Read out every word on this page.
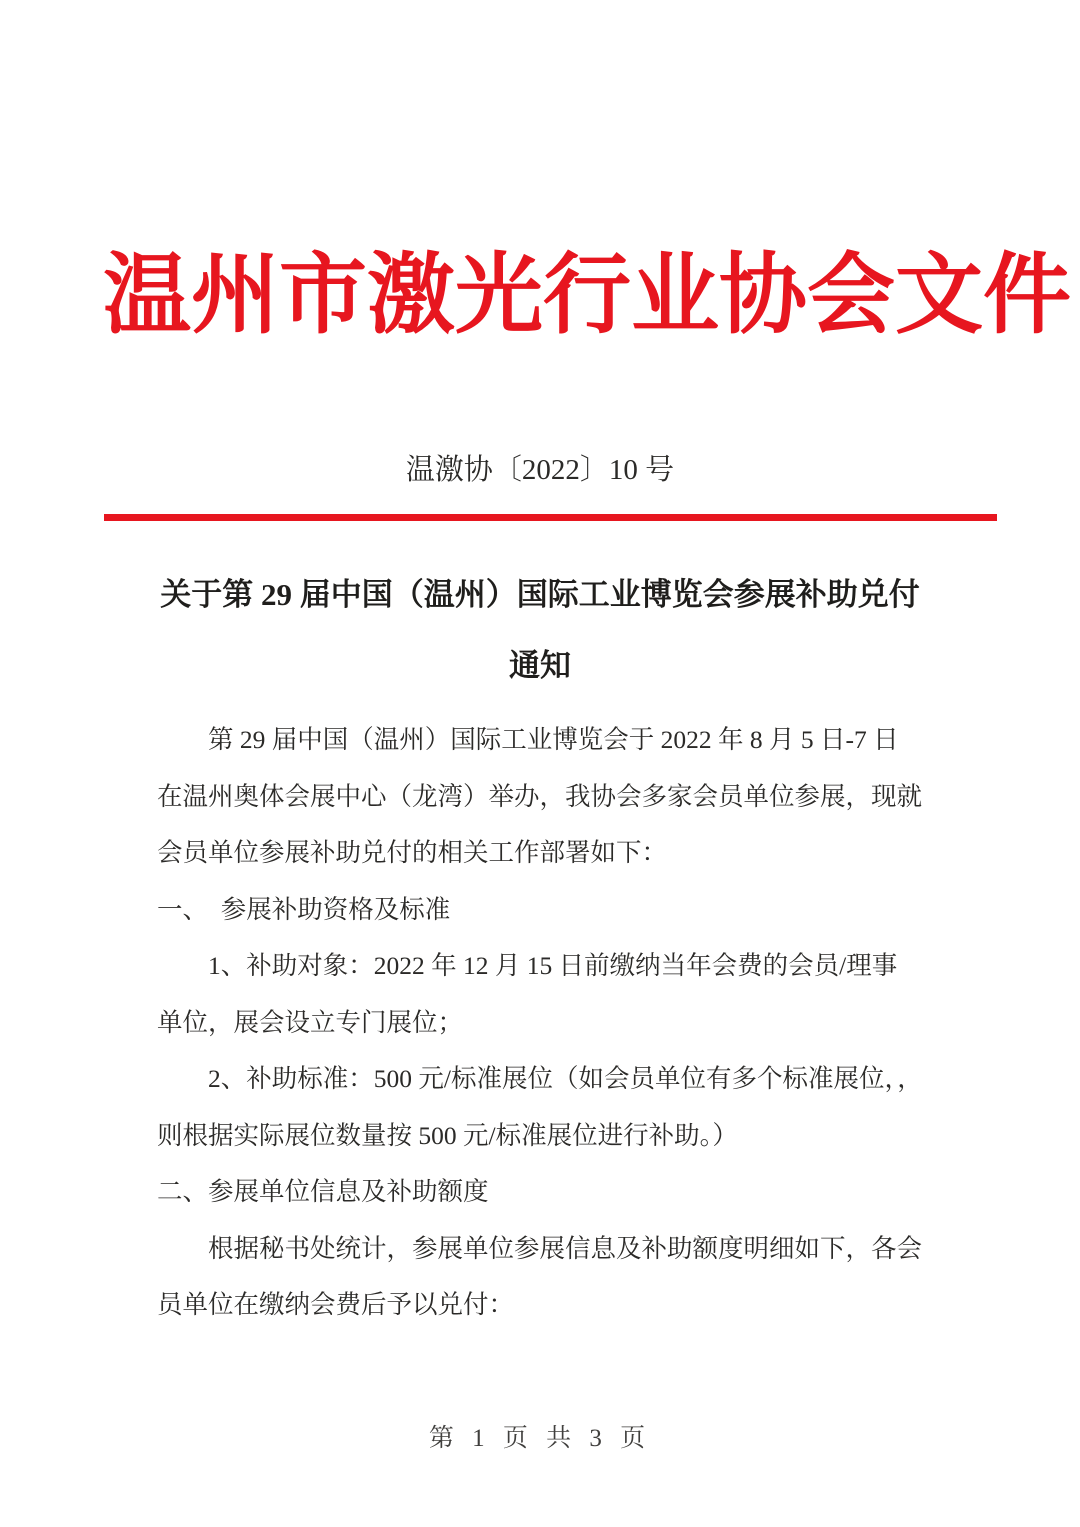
温州市激光行业协会文件
温激协〔2022〕10 号
关于第 29 届中国（温州）国际工业博览会参展补助兑付
通知
第 29 届中国（温州）国际工业博览会于 2022 年 8 月 5 日-7 日
在温州奥体会展中心（龙湾）举办，我协会多家会员单位参展，现就
会员单位参展补助兑付的相关工作部署如下：
一、　参展补助资格及标准
1、补助对象：2022 年 12 月 15 日前缴纳当年会费的会员/理事
单位，展会设立专门展位；
2、补助标准：500 元/标准展位（如会员单位有多个标准展位，，
则根据实际展位数量按 500 元/标准展位进行补助。）
二、参展单位信息及补助额度
根据秘书处统计，参展单位参展信息及补助额度明细如下，各会
员单位在缴纳会费后予以兑付：
第 1 页 共 3 页
